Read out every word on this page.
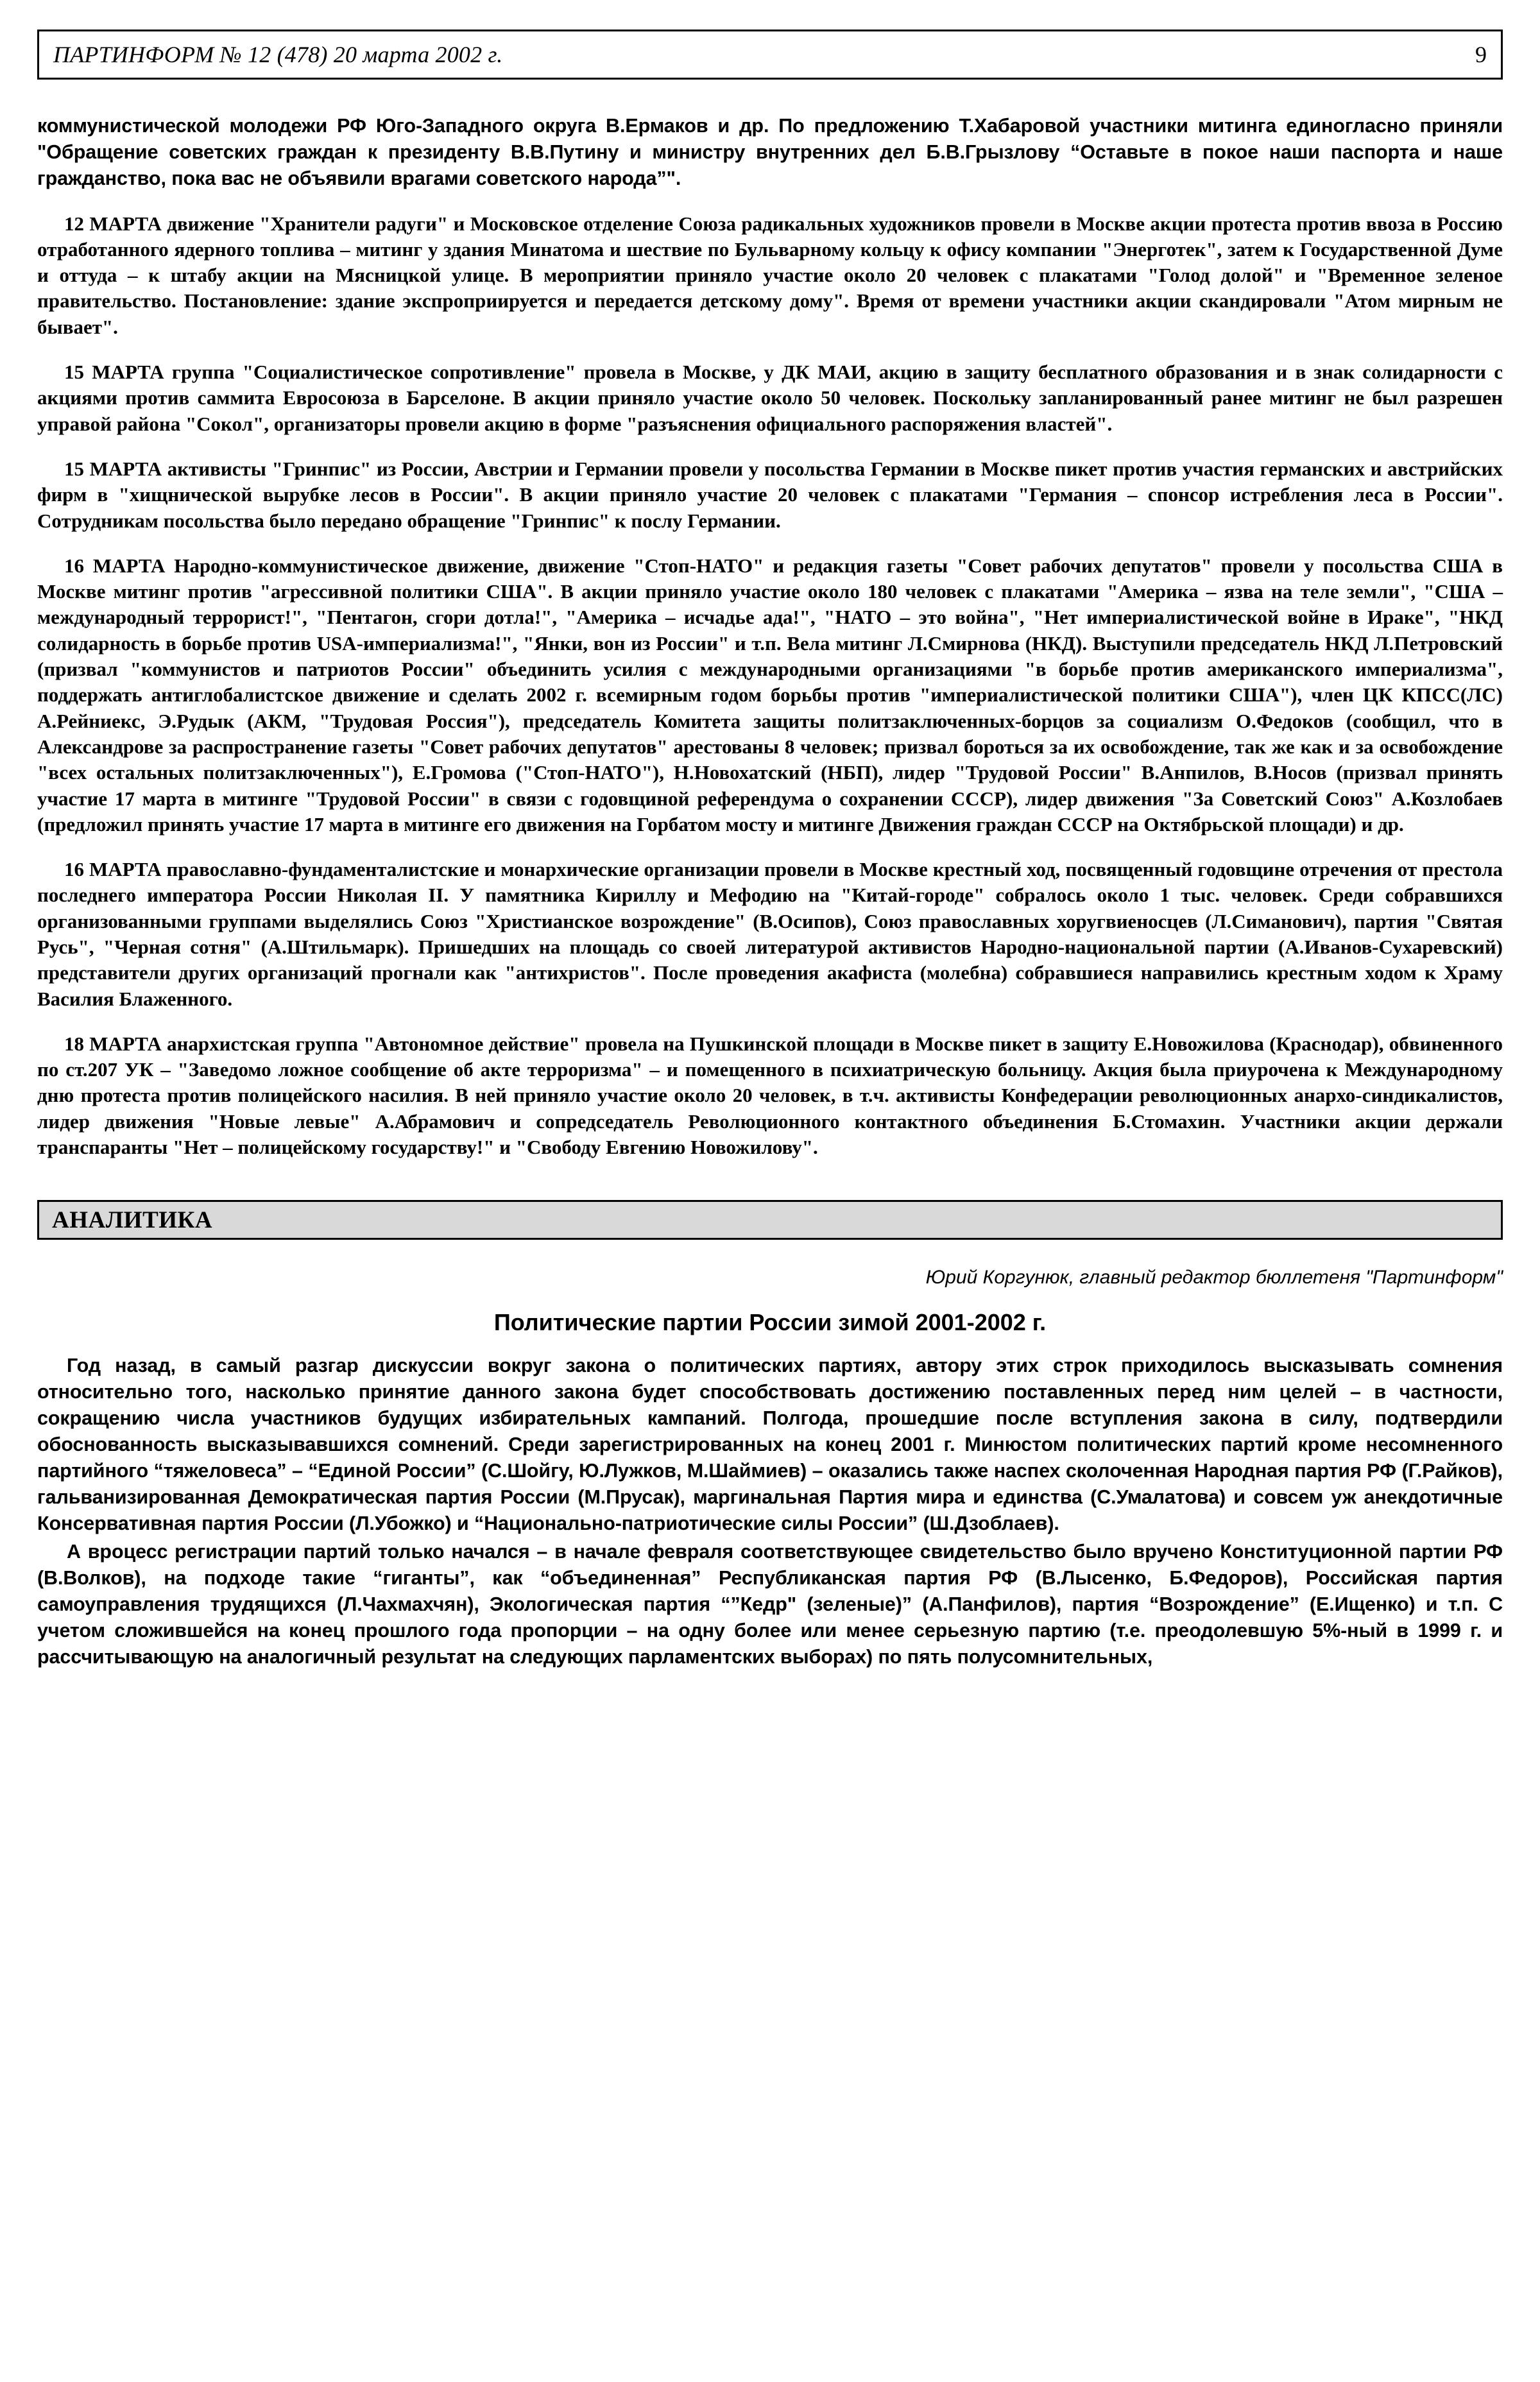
ПАРТИНФОРМ № 12 (478) 20 марта 2002 г.	9

коммунистической молодежи РФ Юго-Западного округа В.Ермаков и др. По предложению Т.Хабаровой участники митинга единогласно приняли "Обращение советских граждан к президенту В.В.Путину и министру внутренних дел Б.В.Грызлову “Оставьте в покое наши паспорта и наше гражданство, пока вас не объявили врагами советского народа”".

12 МАРТА движение "Хранители радуги" и Московское отделение Союза радикальных художников провели в Москве акции протеста против ввоза в Россию отработанного ядерного топлива – митинг у здания Минатома и шествие по Бульварному кольцу к офису компании "Энерготек", затем к Государственной Думе и оттуда – к штабу акции на Мясницкой улице. В мероприятии приняло участие около 20 человек с плакатами "Голод долой" и "Временное зеленое правительство. Постановление: здание экспроприируется и передается детскому дому". Время от времени участники акции скандировали "Атом мирным не бывает".

15 МАРТА группа "Социалистическое сопротивление" провела в Москве, у ДК МАИ, акцию в защиту бесплатного образования и в знак солидарности с акциями против саммита Евросоюза в Барселоне. В акции приняло участие около 50 человек. Поскольку запланированный ранее митинг не был разрешен управой района "Сокол", организаторы провели акцию в форме "разъяснения официального распоряжения властей".

15 МАРТА активисты "Гринпис" из России, Австрии и Германии провели у посольства Германии в Москве пикет против участия германских и австрийских фирм в "хищнической вырубке лесов в России". В акции приняло участие 20 человек с плакатами "Германия – спонсор истребления леса в России". Сотрудникам посольства было передано обращение "Гринпис" к послу Германии.

16 МАРТА Народно-коммунистическое движение, движение "Стоп-НАТО" и редакция газеты "Совет рабочих депутатов" провели у посольства США в Москве митинг против "агрессивной политики США". В акции приняло участие около 180 человек с плакатами "Америка – язва на теле земли", "США – международный террорист!", "Пентагон, сгори дотла!", "Америка – исчадье ада!", "НАТО – это война", "Нет империалистической войне в Ираке", "НКД солидарность в борьбе против USA-империализма!", "Янки, вон из России" и т.п. Вела митинг Л.Смирнова (НКД). Выступили председатель НКД Л.Петровский (призвал "коммунистов и патриотов России" объединить усилия с международными организациями "в борьбе против американского империализма", поддержать антиглобалистское движение и сделать 2002 г. всемирным годом борьбы против "империалистической политики США"), член ЦК КПСС(ЛС) А.Рейниекс, Э.Рудык (АКМ, "Трудовая Россия"), председатель Комитета защиты политзаключенных-борцов за социализм О.Федоков (сообщил, что в Александрове за распространение газеты "Совет рабочих депутатов" арестованы 8 человек; призвал бороться за их освобождение, так же как и за освобождение "всех остальных политзаключенных"), Е.Громова ("Стоп-НАТО"), Н.Новохатский (НБП), лидер "Трудовой России" В.Анпилов, В.Носов (призвал принять участие 17 марта в митинге "Трудовой России" в связи с годовщиной референдума о сохранении СССР), лидер движения "За Советский Союз" А.Козлобаев (предложил принять участие 17 марта в митинге его движения на Горбатом мосту и митинге Движения граждан СССР на Октябрьской площади) и др.

16 МАРТА православно-фундаменталистские и монархические организации провели в Москве крестный ход, посвященный годовщине отречения от престола последнего императора России Николая II. У памятника Кириллу и Мефодию на "Китай-городе" собралось около 1 тыс. человек. Среди собравшихся организованными группами выделялись Союз "Христианское возрождение" (В.Осипов), Союз православных хоругвиеносцев (Л.Симанович), партия "Святая Русь", "Черная сотня" (А.Штильмарк). Пришедших на площадь со своей литературой активистов Народно-национальной партии (А.Иванов-Сухаревский) представители других организаций прогнали как "антихристов". После проведения акафиста (молебна) собравшиеся направились крестным ходом к Храму Василия Блаженного.

18 МАРТА анархистская группа "Автономное действие" провела на Пушкинской площади в Москве пикет в защиту Е.Новожилова (Краснодар), обвиненного по ст.207 УК – "Заведомо ложное сообщение об акте терроризма" – и помещенного в психиатрическую больницу. Акция была приурочена к Международному дню протеста против полицейского насилия. В ней приняло участие около 20 человек, в т.ч. активисты Конфедерации революционных анархо-синдикалистов, лидер движения "Новые левые" А.Абрамович и сопредседатель Революционного контактного объединения Б.Стомахин. Участники акции держали транспаранты "Нет – полицейскому государству!" и "Свободу Евгению Новожилову".

АНАЛИТИКА
Юрий Коргунюк, главный редактор бюллетеня "Партинформ"
Политические партии России зимой 2001-2002 г.

Год назад, в самый разгар дискуссии вокруг закона о политических партиях, автору этих строк приходилось высказывать сомнения относительно того, насколько принятие данного закона будет способствовать достижению поставленных перед ним целей – в частности, сокращению числа участников будущих избирательных кампаний. Полгода, прошедшие после вступления закона в силу, подтвердили обоснованность высказывавшихся сомнений. Среди зарегистрированных на конец 2001 г. Минюстом политических партий кроме несомненного партийного “тяжеловеса” – “Единой России” (С.Шойгу, Ю.Лужков, М.Шаймиев) – оказались также наспех сколоченная Народная партия РФ (Г.Райков), гальванизированная Демократическая партия России (М.Прусак), маргинальная Партия мира и единства (С.Умалатова) и совсем уж анекдотичные Консервативная партия России (Л.Убожко) и “Национально-патриотические силы России” (Ш.Дзоблаев).

А вроцесс регистрации партий только начался – в начале февраля соответствующее свидетельство было вручено Конституционной партии РФ (В.Волков), на подходе такие “гиганты”, как “объединенная” Республиканская партия РФ (В.Лысенко, Б.Федоров), Российская партия самоуправления трудящихся (Л.Чахмахчян), Экологическая партия “”Кедр" (зеленые)” (А.Панфилов), партия “Возрождение” (Е.Ищенко) и т.п. С учетом сложившейся на конец прошлого года пропорции – на одну более или менее серьезную партию (т.е. преодолевшую 5%-ный в 1999 г. и рассчитывающую на аналогичный результат на следующих парламентских выборах) по пять полусомнительных,
